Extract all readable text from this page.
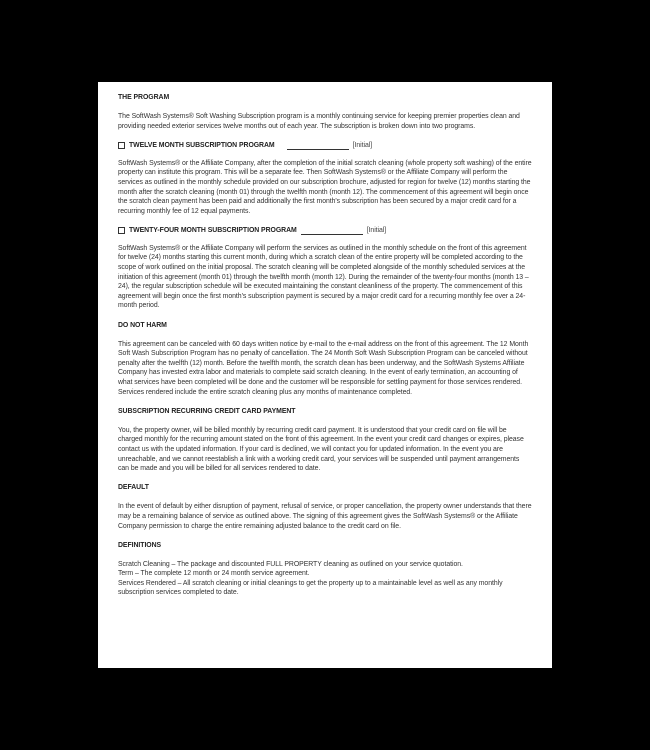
THE PROGRAM

The SoftWash Systems® Soft Washing Subscription program is a monthly continuing service for keeping premier properties clean and providing needed exterior services twelve months out of each year. The subscription is broken down into two programs.

TWELVE MONTH SUBSCRIPTION PROGRAM	[Initial]

SoftWash Systems® or the Affiliate Company, after the completion of the initial scratch cleaning (whole property soft washing) of the entire property can institute this program. This will be a separate fee. Then SoftWash Systems® or the Affiliate Company will perform the services as outlined in the monthly schedule provided on our subscription brochure, adjusted for region for twelve (12) months starting the month after the scratch cleaning (month 01) through the twelfth month (month 12). The commencement of this agreement will begin once the scratch clean payment has been paid and additionally the first month's subscription has been secured by a major credit card for a recurring monthly fee of 12 equal payments.

TWENTY-FOUR MONTH SUBSCRIPTION PROGRAM	[Initial]

SoftWash Systems® or the Affiliate Company will perform the services as outlined in the monthly schedule on the front of this agreement for twelve (24) months starting this current month, during which a scratch clean of the entire property will be completed according to the scope of work outlined on the initial proposal. The scratch cleaning will be completed alongside of the monthly scheduled services at the initiation of this agreement (month 01) through the twelfth month (month 12). During the remainder of the twenty-four months (month 13 – 24), the regular subscription schedule will be executed maintaining the constant cleanliness of the property. The commencement of this agreement will begin once the first month's subscription payment is secured by a major credit card for a recurring monthly fee over a 24-month period.

DO NOT HARM

This agreement can be canceled with 60 days written notice by e-mail to the e-mail address on the front of this agreement. The 12 Month Soft Wash Subscription Program has no penalty of cancellation. The 24 Month Soft Wash Subscription Program can be canceled without penalty after the twelfth (12) month. Before the twelfth month, the scratch clean has been underway, and the SoftWash Systems Affiliate Company has invested extra labor and materials to complete said scratch cleaning. In the event of early termination, an accounting of what services have been completed will be done and the customer will be responsible for settling payment for those services rendered. Services rendered include the entire scratch cleaning plus any months of maintenance completed.

SUBSCRIPTION RECURRING CREDIT CARD PAYMENT

You, the property owner, will be billed monthly by recurring credit card payment. It is understood that your credit card on file will be charged monthly for the recurring amount stated on the front of this agreement. In the event your credit card changes or expires, please contact us with the updated information. If your card is declined, we will contact you for updated information. In the event you are unreachable, and we cannot reestablish a link with a working credit card, your services will be suspended until payment arrangements can be made and you will be billed for all services rendered to date.

DEFAULT

In the event of default by either disruption of payment, refusal of service, or proper cancellation, the property owner understands that there may be a remaining balance of service as outlined above. The signing of this agreement gives the SoftWash Systems® or the Affiliate Company permission to charge the entire remaining adjusted balance to the credit card on file.

DEFINITIONS

Scratch Cleaning – The package and discounted FULL PROPERTY cleaning as outlined on your service quotation.

Term – The complete 12 month or 24 month service agreement.

Services Rendered – All scratch cleaning or initial cleanings to get the property up to a maintainable level as well as any monthly subscription services completed to date.
